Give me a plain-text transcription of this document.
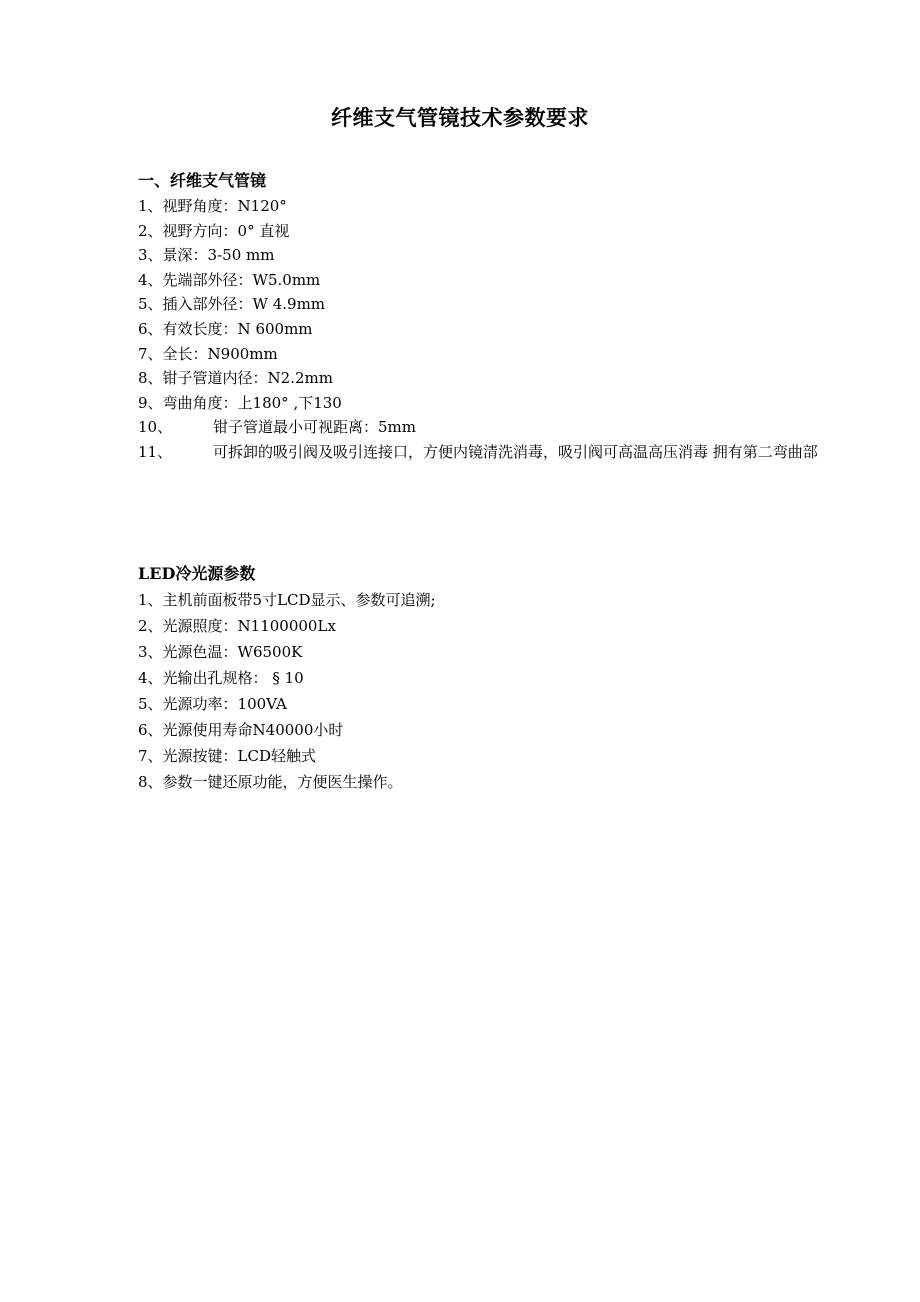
纤维支气管镜技术参数要求
一、纤维支气管镜
1、 视野角度：N120°
2、 视野方向：0° 直视
3、 景深：3-50 mm
4、 先端部外径：W5.0mm
5、 插入部外径：W 4.9mm
6、 有效长度：N 600mm
7、 全长：N900mm
8、 钳子管道内径：N2.2mm
9、 弯曲角度：上180° ,下130
10、	钳子管道最小可视距离：5mm
11、	可拆卸的吸引阀及吸引连接口，方便内镜清洗消毒，吸引阀可高温高压消毒 拥有第二弯曲部
LED冷光源参数
1、 主机前面板带5寸LCD显示、参数可追溯;
2、 光源照度：N1100000Lx
3、 光源色温：W6500K
4、 光输出孔规格： § 10
5、 光源功率：100VA
6、 光源使用寿命N40000小时
7、 光源按键：LCD轻触式
8、 参数一键还原功能，方便医生操作。
